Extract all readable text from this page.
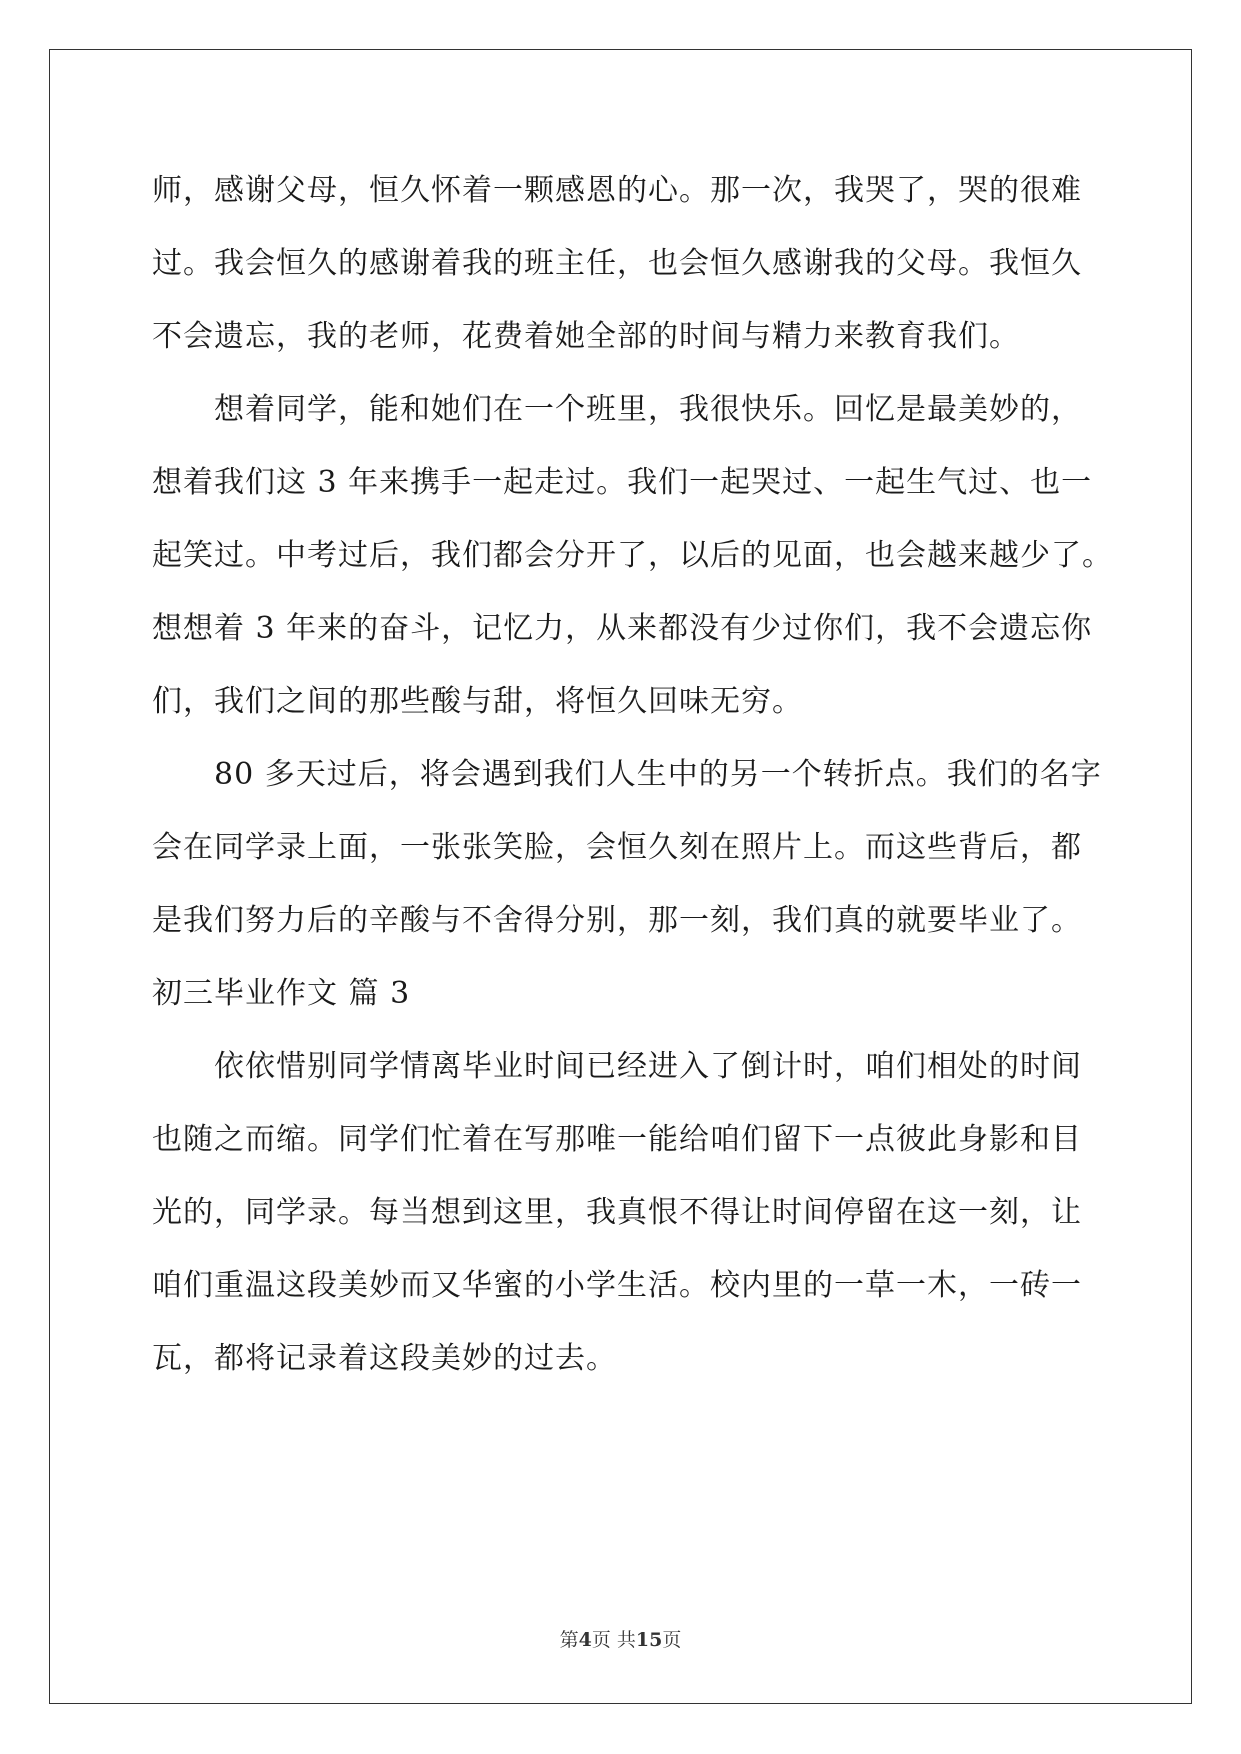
师，感谢父母，恒久怀着一颗感恩的心。那一次，我哭了，哭的很难
过。我会恒久的感谢着我的班主任，也会恒久感谢我的父母。我恒久
不会遗忘，我的老师，花费着她全部的时间与精力来教育我们。
想着同学，能和她们在一个班里，我很快乐。回忆是最美妙的，
想着我们这 3 年来携手一起走过。我们一起哭过、一起生气过、也一
起笑过。中考过后，我们都会分开了，以后的见面，也会越来越少了。
想想着 3 年来的奋斗，记忆力，从来都没有少过你们，我不会遗忘你
们，我们之间的那些酸与甜，将恒久回味无穷。
80 多天过后，将会遇到我们人生中的另一个转折点。我们的名字
会在同学录上面，一张张笑脸，会恒久刻在照片上。而这些背后，都
是我们努力后的辛酸与不舍得分别，那一刻，我们真的就要毕业了。
初三毕业作文 篇 3
依依惜别同学情离毕业时间已经进入了倒计时，咱们相处的时间
也随之而缩。同学们忙着在写那唯一能给咱们留下一点彼此身影和目
光的，同学录。每当想到这里，我真恨不得让时间停留在这一刻，让
咱们重温这段美妙而又华蜜的小学生活。校内里的一草一木，一砖一
瓦，都将记录着这段美妙的过去。
第4页 共15页
